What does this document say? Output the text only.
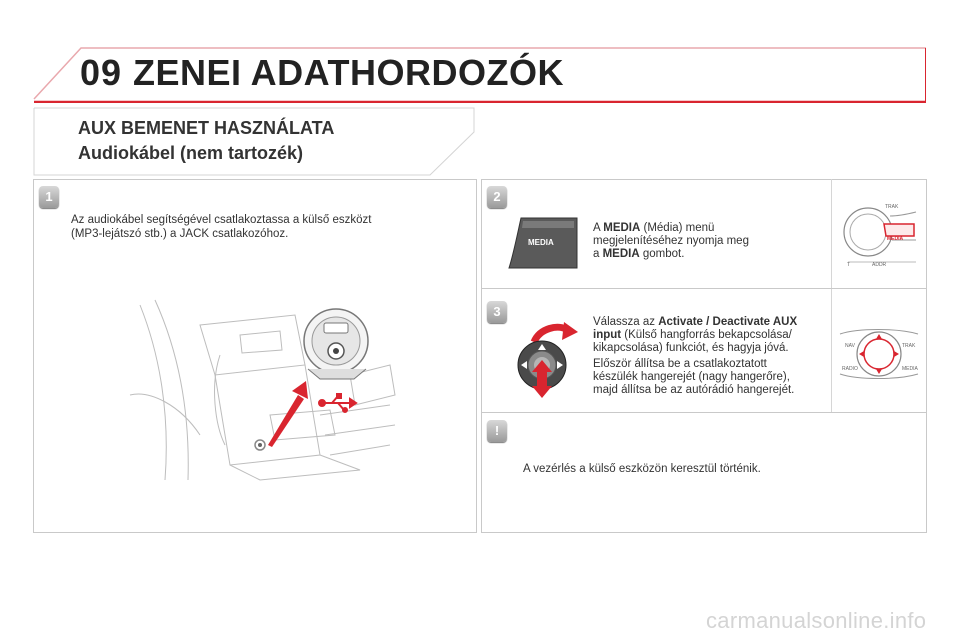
09 ZENEI ADATHORDOZÓK
AUX BEMENET HASZNÁLATA
Audiokábel (nem tartozék)
1
Az audiokábel segítségével csatlakoztassa a külső eszközt
(MP3-lejátszó stb.) a JACK csatlakozóhoz.
2
MEDIA
A MEDIA (Média) menü
megjelenítéséhez nyomja meg
a MEDIA gombot.
TRAK
MEDIA
ADDR
T
3
Válassza az Activate / Deactivate AUX
input (Külső hangforrás bekapcsolása/
kikapcsolása) funkciót, és hagyja jóvá.
Először állítsa be a csatlakoztatott
készülék hangerejét (nagy hangerőre),
majd állítsa be az autórádió hangerejét.
NAV	TRAK
RADIO	MEDIA
!
A vezérlés a külső eszközön keresztül történik.
carmanualsonline.info
